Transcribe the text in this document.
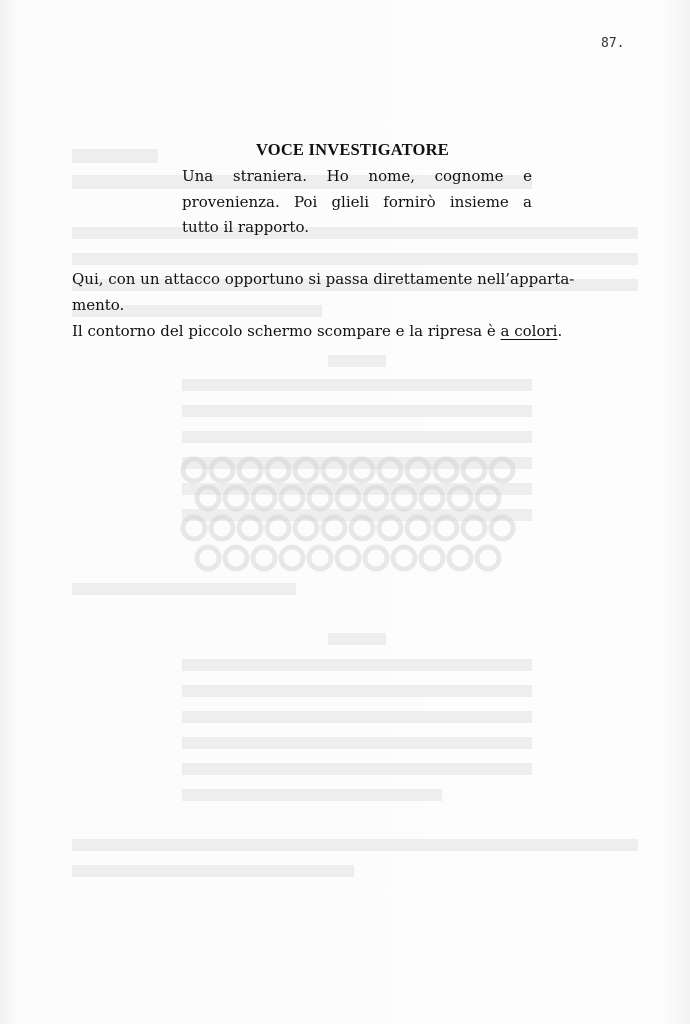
87.
VOCE INVESTIGATORE
Una straniera. Ho nome, cognome e
provenienza. Poi glieli fornirò insieme a
tutto il rapporto.
Qui, con un attacco opportuno si passa direttamente nell’apparta-
mento.
Il contorno del piccolo schermo scompare e la ripresa è a colori.
